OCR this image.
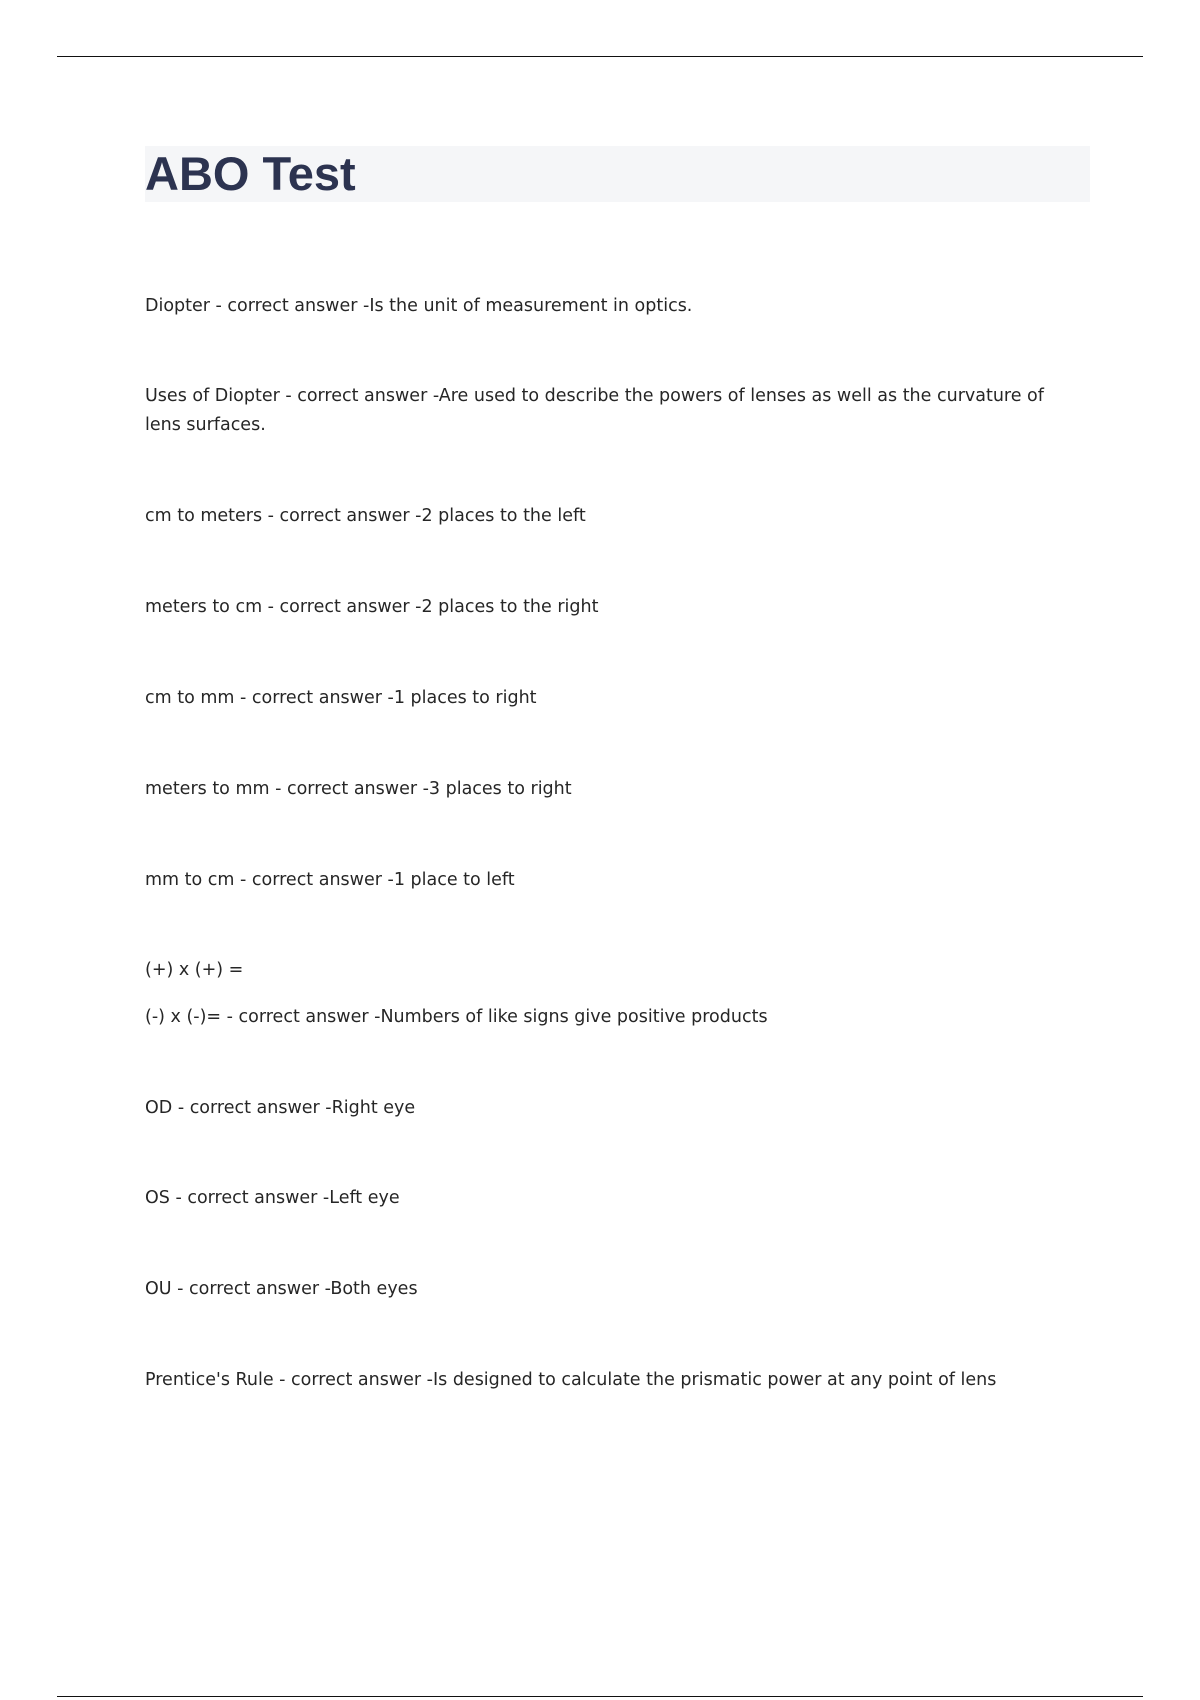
ABO Test

Diopter - correct answer -Is the unit of measurement in optics.

Uses of Diopter - correct answer -Are used to describe the powers of lenses as well as the curvature of lens surfaces.

cm to meters - correct answer -2 places to the left

meters to cm - correct answer -2 places to the right

cm to mm - correct answer -1 places to right

meters to mm - correct answer -3 places to right

mm to cm - correct answer -1 place to left

(+) x (+) =

(-) x (-)= - correct answer -Numbers of like signs give positive products

OD - correct answer -Right eye

OS - correct answer -Left eye

OU - correct answer -Both eyes

Prentice's Rule - correct answer -Is designed to calculate the prismatic power at any point of lens
